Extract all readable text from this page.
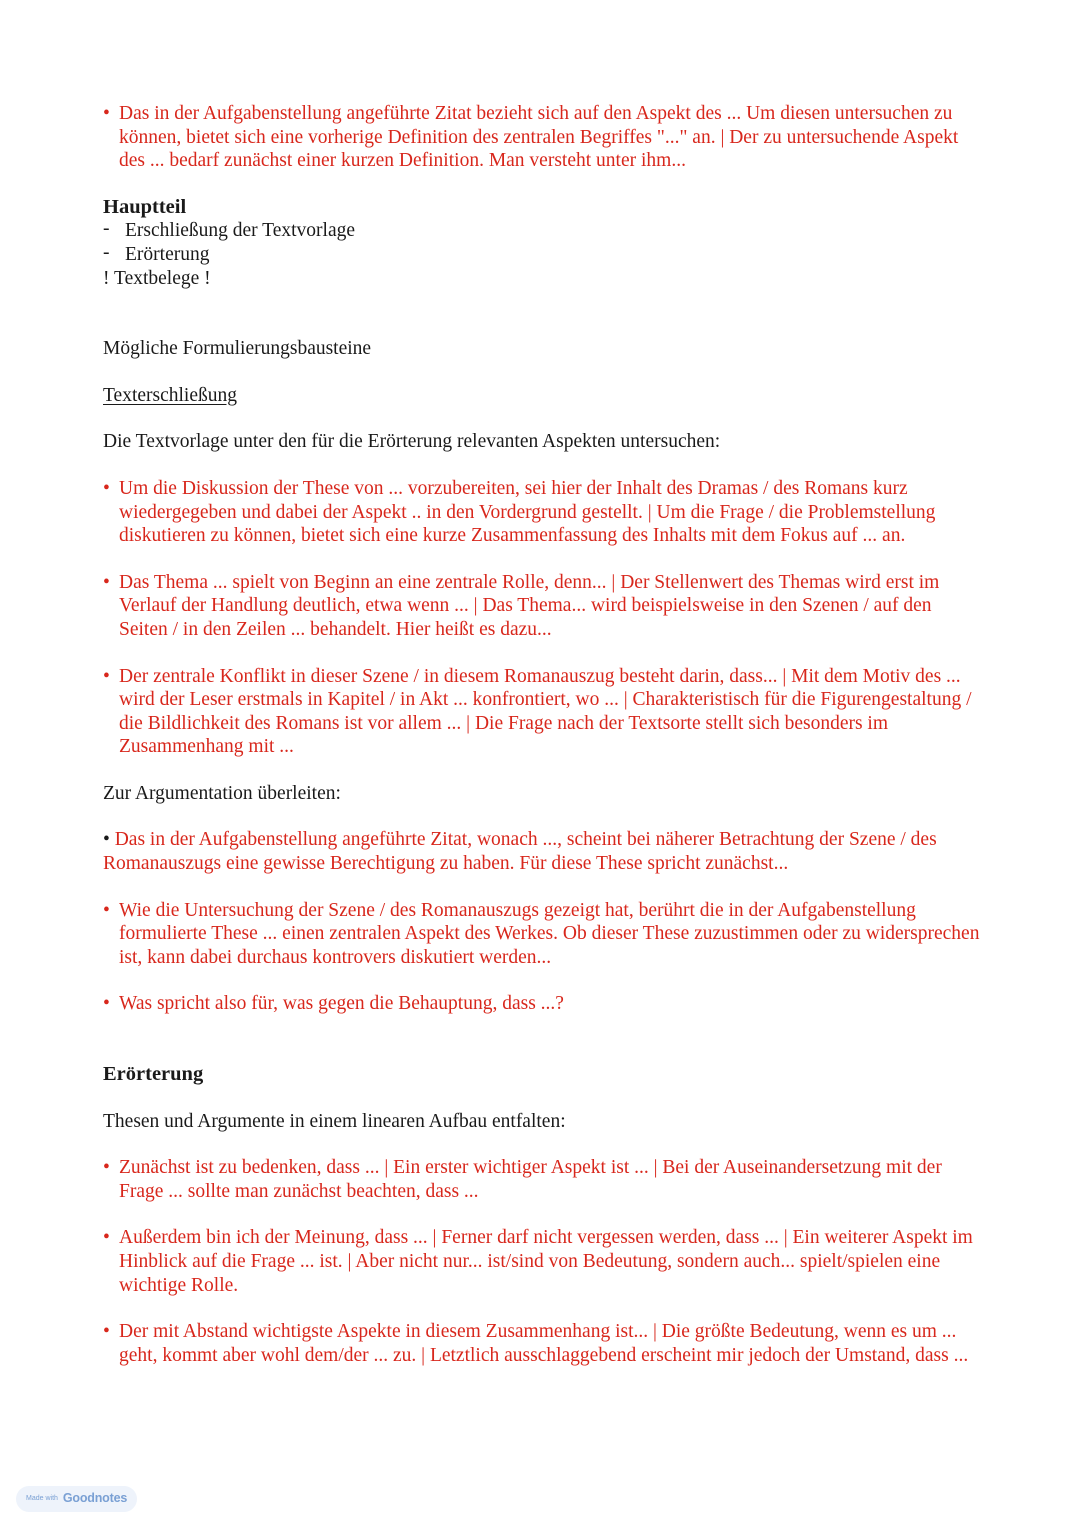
• Das in der Aufgabenstellung angeführte Zitat bezieht sich auf den Aspekt des ... Um diesen untersuchen zu können, bietet sich eine vorherige Definition des zentralen Begriffes "..." an. | Der zu untersuchende Aspekt des ... bedarf zunächst einer kurzen Definition. Man versteht unter ihm...
Hauptteil
- Erschließung der Textvorlage
- Erörterung
! Textbelege !
Mögliche Formulierungsbausteine
Texterschließung
Die Textvorlage unter den für die Erörterung relevanten Aspekten untersuchen:
• Um die Diskussion der These von ... vorzubereiten, sei hier der Inhalt des Dramas / des Romans kurz wiedergegeben und dabei der Aspekt .. in den Vordergrund gestellt. | Um die Frage / die Problemstellung diskutieren zu können, bietet sich eine kurze Zusammenfassung des Inhalts mit dem Fokus auf ... an.
• Das Thema ... spielt von Beginn an eine zentrale Rolle, denn... | Der Stellenwert des Themas wird erst im Verlauf der Handlung deutlich, etwa wenn ... | Das Thema... wird beispielsweise in den Szenen / auf den Seiten / in den Zeilen ... behandelt. Hier heißt es dazu...
• Der zentrale Konflikt in dieser Szene / in diesem Romanauszug besteht darin, dass... | Mit dem Motiv des ... wird der Leser erstmals in Kapitel / in Akt ... konfrontiert, wo ... | Charakteristisch für die Figurengestaltung / die Bildlichkeit des Romans ist vor allem ... | Die Frage nach der Textsorte stellt sich besonders im Zusammenhang mit ...
Zur Argumentation überleiten:
• Das in der Aufgabenstellung angeführte Zitat, wonach ..., scheint bei näherer Betrachtung der Szene / des Romanauszugs eine gewisse Berechtigung zu haben. Für diese These spricht zunächst...
• Wie die Untersuchung der Szene / des Romanauszugs gezeigt hat, berührt die in der Aufgabenstellung formulierte These ... einen zentralen Aspekt des Werkes. Ob dieser These zuzustimmen oder zu widersprechen ist, kann dabei durchaus kontrovers diskutiert werden...
• Was spricht also für, was gegen die Behauptung, dass ...?
Erörterung
Thesen und Argumente in einem linearen Aufbau entfalten:
• Zunächst ist zu bedenken, dass ... | Ein erster wichtiger Aspekt ist ... | Bei der Auseinandersetzung mit der Frage ... sollte man zunächst beachten, dass ...
• Außerdem bin ich der Meinung, dass ... | Ferner darf nicht vergessen werden, dass ... | Ein weiterer Aspekt im Hinblick auf die Frage ... ist. | Aber nicht nur... ist/sind von Bedeutung, sondern auch... spielt/spielen eine wichtige Rolle.
• Der mit Abstand wichtigste Aspekte in diesem Zusammenhang ist... | Die größte Bedeutung, wenn es um ... geht, kommt aber wohl dem/der ... zu. | Letztlich ausschlaggebend erscheint mir jedoch der Umstand, dass ...
Made with Goodnotes
